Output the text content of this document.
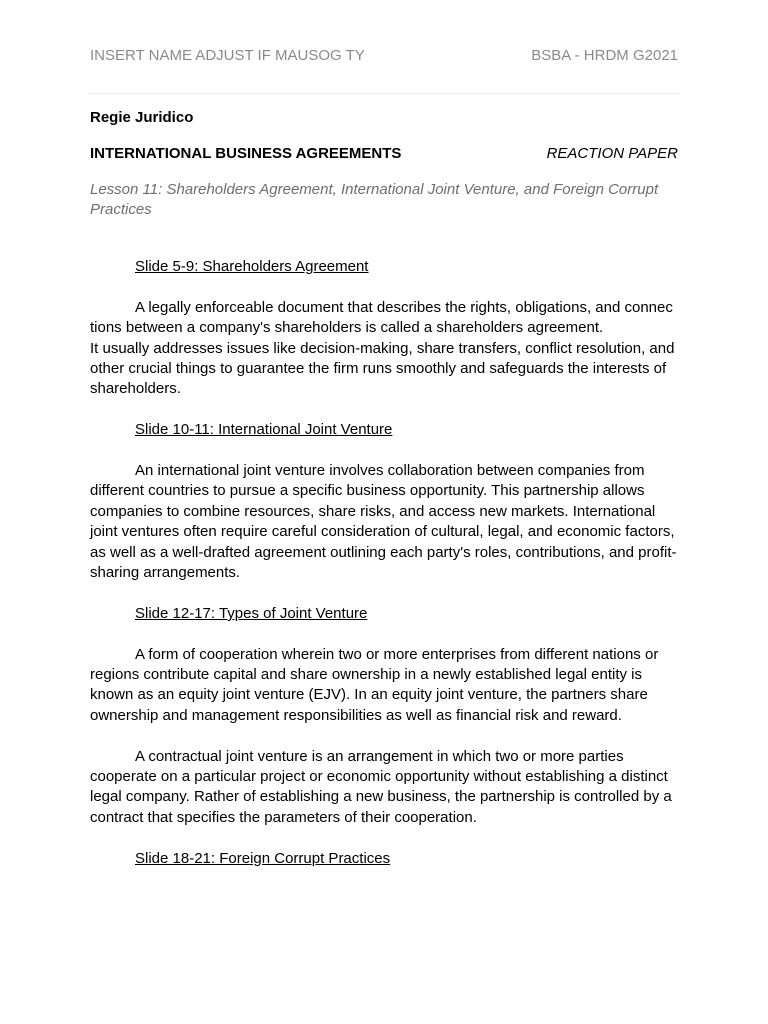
INSERT NAME ADJUST IF MAUSOG TY	BSBA - HRDM G2021
Regie Juridico
INTERNATIONAL BUSINESS AGREEMENTS	REACTION PAPER
Lesson 11: Shareholders Agreement, International Joint Venture, and Foreign Corrupt Practices

Slide 5-9: Shareholders Agreement

A legally enforceable document that describes the rights, obligations, and connec tions between a company's shareholders is called a shareholders agreement.
It usually addresses issues like decision-making, share transfers, conflict resolution, and other crucial things to guarantee the firm runs smoothly and safeguards the interests of shareholders.

Slide 10-11: International Joint Venture

An international joint venture involves collaboration between companies from different countries to pursue a specific business opportunity. This partnership allows companies to combine resources, share risks, and access new markets. International joint ventures often require careful consideration of cultural, legal, and economic factors, as well as a well-drafted agreement outlining each party's roles, contributions, and profit-sharing arrangements.

Slide 12-17: Types of Joint Venture

A form of cooperation wherein two or more enterprises from different nations or regions contribute capital and share ownership in a newly established legal entity is known as an equity joint venture (EJV). In an equity joint venture, the partners share ownership and management responsibilities as well as financial risk and reward.

A contractual joint venture is an arrangement in which two or more parties cooperate on a particular project or economic opportunity without establishing a distinct legal company. Rather of establishing a new business, the partnership is controlled by a contract that specifies the parameters of their cooperation.

Slide 18-21: Foreign Corrupt Practices
